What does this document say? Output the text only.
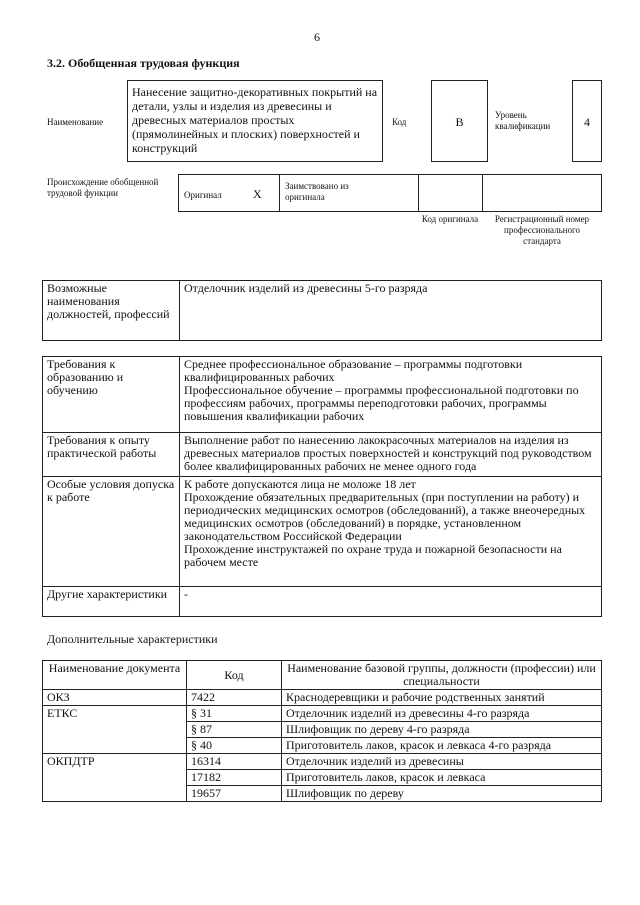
6
3.2. Обобщенная трудовая функция
Наименование
Нанесение защитно-декоративных покрытий на детали, узлы и изделия из древесины и древесных материалов простых (прямолинейных и плоских) поверхностей и конструкций
Код	В	Уровень квалификации	4
Происхождение обобщенной трудовой функции	Оригинал	X
Заимствовано из оригинала
Код оригинала	Регистрационный номер профессионального стандарта
Возможные наименования должностей, профессий	Отделочник изделий из древесины 5-го разряда
Требования к образованию и обучению	Среднее профессиональное образование – программы подготовки квалифицированных рабочих
Профессиональное обучение – программы профессиональной подготовки по профессиям рабочих, программы переподготовки рабочих, программы повышения квалификации рабочих

Требования к опыту практической работы	Выполнение работ по нанесению лакокрасочных материалов на изделия из древесных материалов простых поверхностей и конструкций под руководством более квалифицированных рабочих не менее одного года

Особые условия допуска к работе	К работе допускаются лица не моложе 18 лет
Прохождение обязательных предварительных (при поступлении на работу) и периодических медицинских осмотров (обследований), а также внеочередных медицинских осмотров (обследований) в порядке, установленном законодательством Российской Федерации
Прохождение инструктажей по охране труда и пожарной безопасности на рабочем месте

Другие характеристики	-
Дополнительные характеристики
Наименование документа	Код	Наименование базовой группы, должности (профессии) или специальности
ОКЗ	7422	Краснодеревщики и рабочие родственных занятий
ЕТКС	§ 31	Отделочник изделий из древесины 4-го разряда
	§ 87	Шлифовщик по дереву 4-го разряда
	§ 40	Приготовитель лаков, красок и левкаса 4-го разряда
ОКПДТР	16314	Отделочник изделий из древесины
	17182	Приготовитель лаков, красок и левкаса
	19657	Шлифовщик по дереву
